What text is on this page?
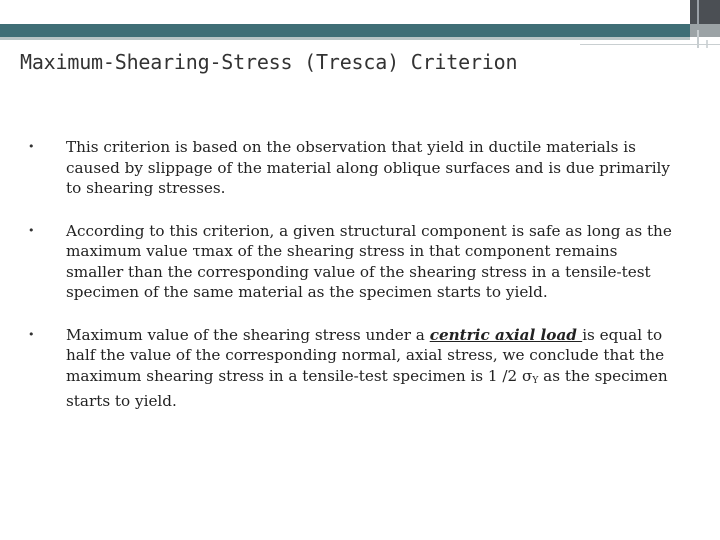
Maximum-Shearing-Stress (Tresca) Criterion
• This criterion is based on the observation that yield in ductile materials is caused by slippage of the material along oblique surfaces and is due primarily to shearing stresses.
• According to this criterion, a given structural component is safe as long as the maximum value τmax of the shearing stress in that component remains smaller than the corresponding value of the shearing stress in a tensile-test specimen of the same material as the specimen starts to yield.
• Maximum value of the shearing stress under a centric axial load is equal to half the value of the corresponding normal, axial stress, we conclude that the maximum shearing stress in a tensile-test specimen is 1 /2 $\sigma_Y$ as the specimen starts to yield.
